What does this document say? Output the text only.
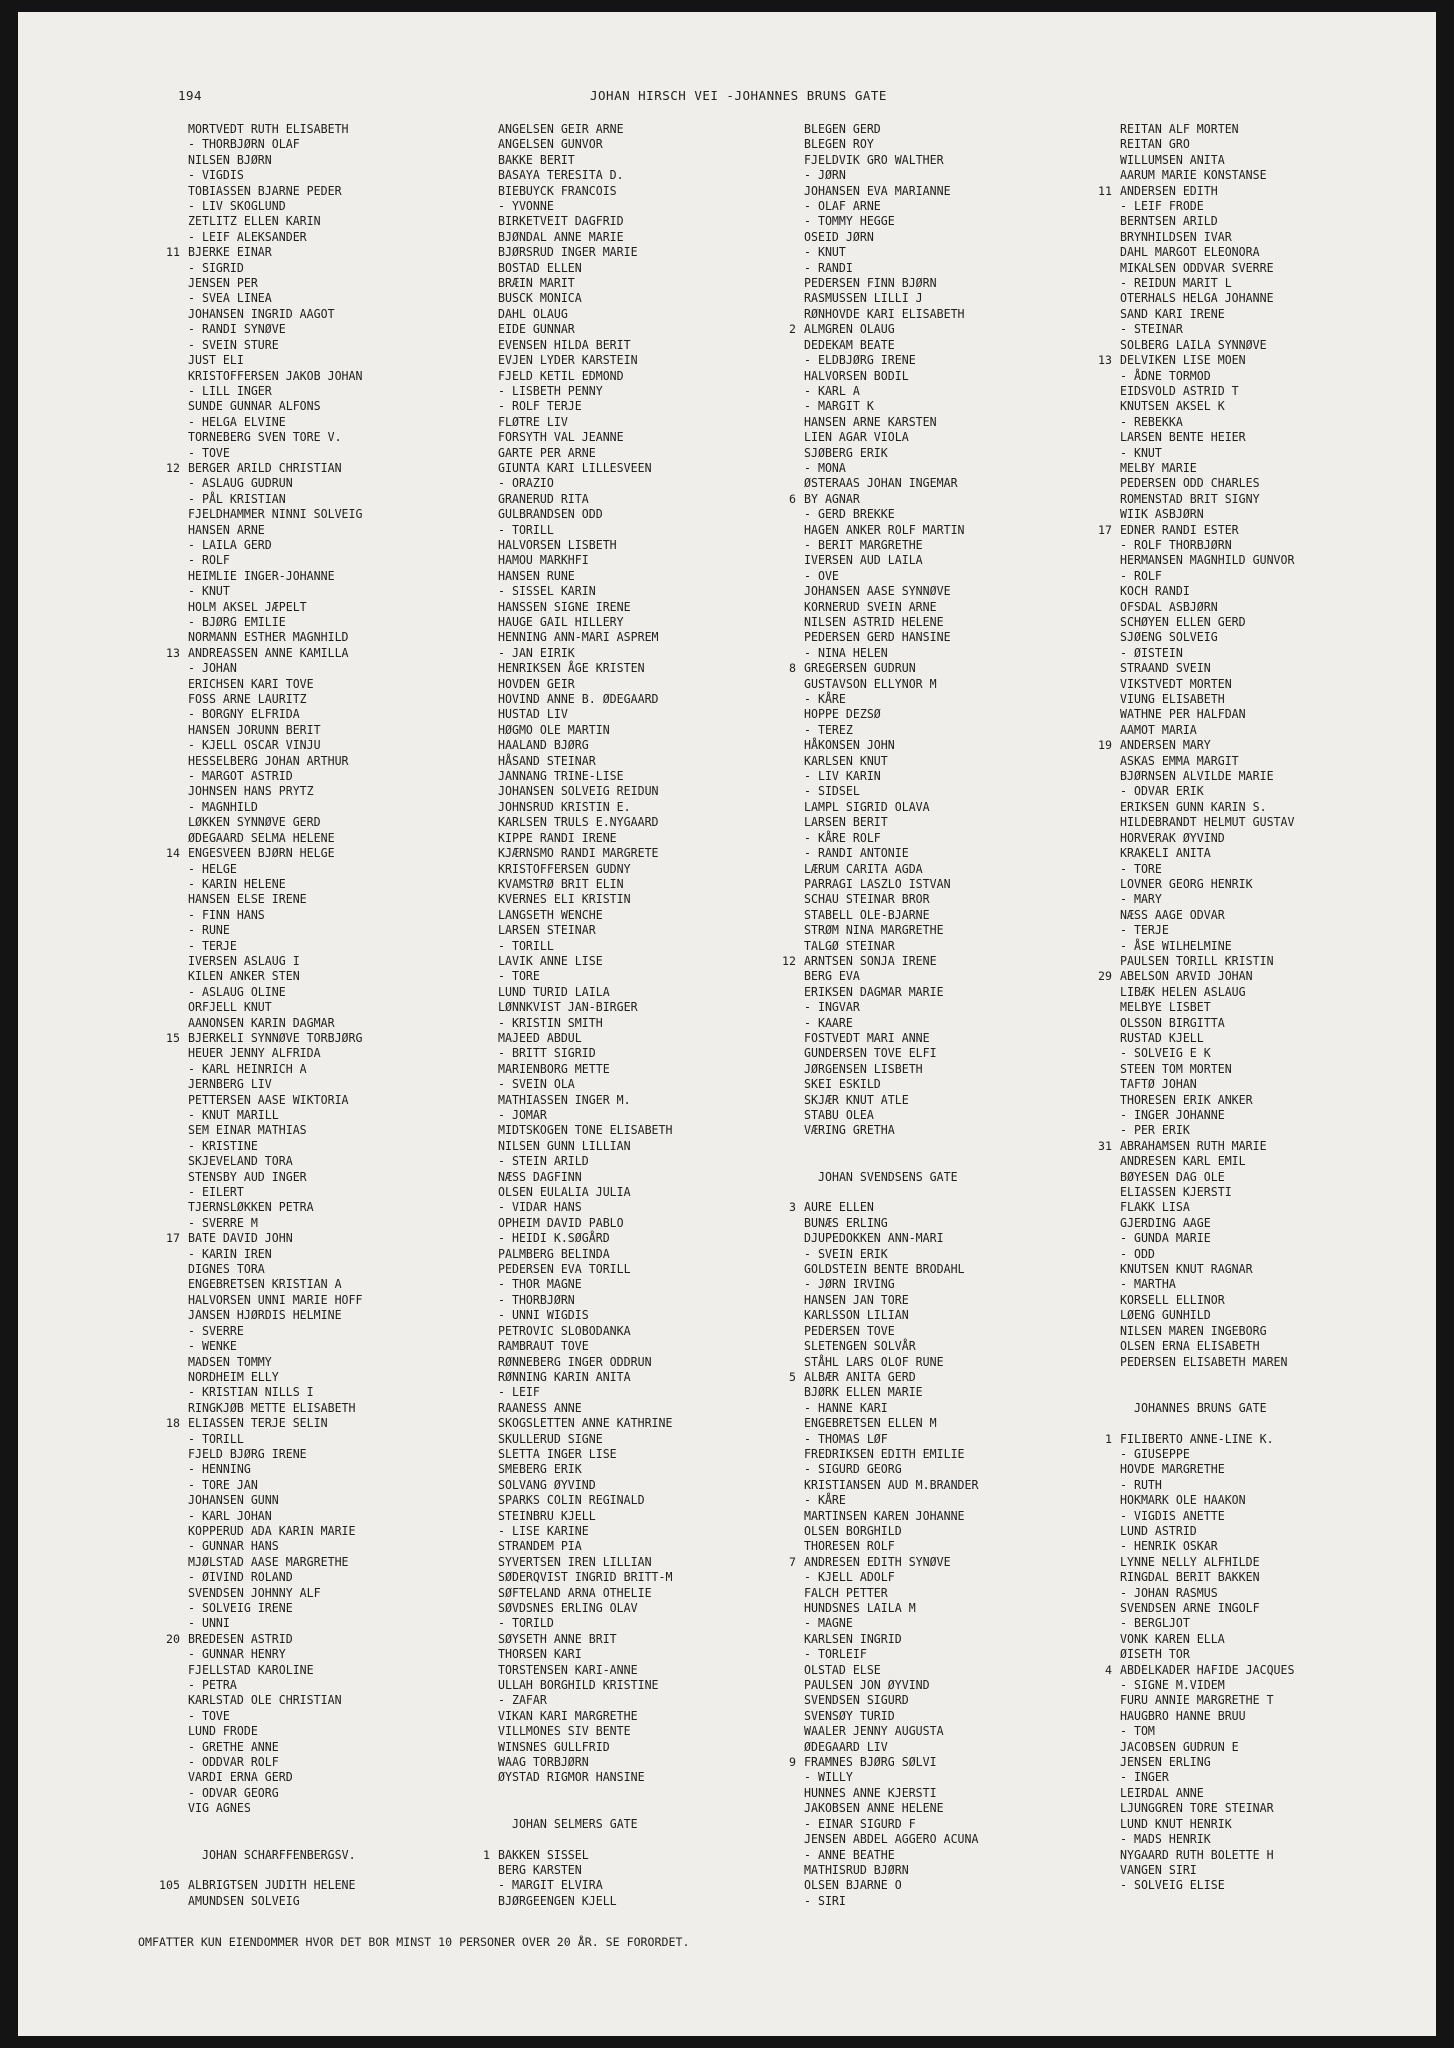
194	JOHAN HIRSCH VEI -JOHANNES BRUNS GATE
MORTVEDT RUTH ELISABETH
- THORBJØRN OLAF
NILSEN BJØRN
- VIGDIS
TOBIASSEN BJARNE PEDER
- LIV SKOGLUND
ZETLITZ ELLEN KARIN
- LEIF ALEKSANDER
11 BJERKE EINAR
- SIGRID
JENSEN PER
- SVEA LINEA
JOHANSEN INGRID AAGOT
- RANDI SYNØVE
- SVEIN STURE
JUST ELI
KRISTOFFERSEN JAKOB JOHAN
- LILL INGER
SUNDE GUNNAR ALFONS
- HELGA ELVINE
TORNEBERG SVEN TORE V.
- TOVE
12 BERGER ARILD CHRISTIAN
- ASLAUG GUDRUN
- PÅL KRISTIAN
FJELDHAMMER NINNI SOLVEIG
HANSEN ARNE
- LAILA GERD
- ROLF
HEIMLIE INGER-JOHANNE
- KNUT
HOLM AKSEL JÆPELT
- BJØRG EMILIE
NORMANN ESTHER MAGNHILD
13 ANDREASSEN ANNE KAMILLA
- JOHAN
ERICHSEN KARI TOVE
FOSS ARNE LAURITZ
- BORGNY ELFRIDA
HANSEN JORUNN BERIT
- KJELL OSCAR VINJU
HESSELBERG JOHAN ARTHUR
- MARGOT ASTRID
JOHNSEN HANS PRYTZ
- MAGNHILD
LØKKEN SYNNØVE GERD
ØDEGAARD SELMA HELENE
14 ENGESVEEN BJØRN HELGE
- HELGE
- KARIN HELENE
HANSEN ELSE IRENE
- FINN HANS
- RUNE
- TERJE
IVERSEN ASLAUG I
KILEN ANKER STEN
- ASLAUG OLINE
ORFJELL KNUT
AANONSEN KARIN DAGMAR
15 BJERKELI SYNNØVE TORBJØRG
HEUER JENNY ALFRIDA
- KARL HEINRICH A
JERNBERG LIV
PETTERSEN AASE WIKTORIA
- KNUT MARILL
SEM EINAR MATHIAS
- KRISTINE
SKJEVELAND TORA
STENSBY AUD INGER
- EILERT
TJERNSLØKKEN PETRA
- SVERRE M
17 BATE DAVID JOHN
- KARIN IREN
DIGNES TORA
ENGEBRETSEN KRISTIAN A
HALVORSEN UNNI MARIE HOFF
JANSEN HJØRDIS HELMINE
- SVERRE
- WENKE
MADSEN TOMMY
NORDHEIM ELLY
- KRISTIAN NILLS I
RINGKJØB METTE ELISABETH
18 ELIASSEN TERJE SELIN
- TORILL
FJELD BJØRG IRENE
- HENNING
- TORE JAN
JOHANSEN GUNN
- KARL JOHAN
KOPPERUD ADA KARIN MARIE
- GUNNAR HANS
MJØLSTAD AASE MARGRETHE
- ØIVIND ROLAND
SVENDSEN JOHNNY ALF
- SOLVEIG IRENE
- UNNI
20 BREDESEN ASTRID
- GUNNAR HENRY
FJELLSTAD KAROLINE
- PETRA
KARLSTAD OLE CHRISTIAN
- TOVE
LUND FRODE
- GRETHE ANNE
- ODDVAR ROLF
VARDI ERNA GERD
- ODVAR GEORG
VIG AGNES
JOHAN SCHARFFENBERGSV.
105 ALBRIGTSEN JUDITH HELENE
AMUNDSEN SOLVEIG
ANGELSEN GEIR ARNE
ANGELSEN GUNVOR
BAKKE BERIT
BASAYA TERESITA D.
BIEBUYCK FRANCOIS
- YVONNE
BIRKETVEIT DAGFRID
BJØNDAL ANNE MARIE
BJØRSRUD INGER MARIE
BOSTAD ELLEN
BRÆIN MARIT
BUSCK MONICA
DAHL OLAUG
EIDE GUNNAR
EVENSEN HILDA BERIT
EVJEN LYDER KARSTEIN
FJELD KETIL EDMOND
- LISBETH PENNY
- ROLF TERJE
FLØTRE LIV
FORSYTH VAL JEANNE
GARTE PER ARNE
GIUNTA KARI LILLESVEEN
- ORAZIO
GRANERUD RITA
GULBRANDSEN ODD
- TORILL
HALVORSEN LISBETH
HAMOU MARKHFI
HANSEN RUNE
- SISSEL KARIN
HANSSEN SIGNE IRENE
HAUGE GAIL HILLERY
HENNING ANN-MARI ASPREM
- JAN EIRIK
HENRIKSEN ÅGE KRISTEN
HOVDEN GEIR
HOVIND ANNE B. ØDEGAARD
HUSTAD LIV
HØGMO OLE MARTIN
HAALAND BJØRG
HÅSAND STEINAR
JANNANG TRINE-LISE
JOHANSEN SOLVEIG REIDUN
JOHNSRUD KRISTIN E.
KARLSEN TRULS E.NYGAARD
KIPPE RANDI IRENE
KJÆRNSMO RANDI MARGRETE
KRISTOFFERSEN GUDNY
KVAMSTRØ BRIT ELIN
KVERNES ELI KRISTIN
LANGSETH WENCHE
LARSEN STEINAR
- TORILL
LAVIK ANNE LISE
- TORE
LUND TURID LAILA
LØNNKVIST JAN-BIRGER
- KRISTIN SMITH
MAJEED ABDUL
- BRITT SIGRID
MARIENBORG METTE
- SVEIN OLA
MATHIASSEN INGER M.
- JOMAR
MIDTSKOGEN TONE ELISABETH
NILSEN GUNN LILLIAN
- STEIN ARILD
NÆSS DAGFINN
OLSEN EULALIA JULIA
- VIDAR HANS
OPHEIM DAVID PABLO
- HEIDI K.SØGÅRD
PALMBERG BELINDA
PEDERSEN EVA TORILL
- THOR MAGNE
- THORBJØRN
- UNNI WIGDIS
PETROVIC SLOBODANKA
RAMBRAUT TOVE
RØNNEBERG INGER ODDRUN
RØNNING KARIN ANITA
- LEIF
RAANESS ANNE
SKOGSLETTEN ANNE KATHRINE
SKULLERUD SIGNE
SLETTA INGER LISE
SMEBERG ERIK
SOLVANG ØYVIND
SPARKS COLIN REGINALD
STEINBRU KJELL
- LISE KARINE
STRANDEM PIA
SYVERTSEN IREN LILLIAN
SØDERQVIST INGRID BRITT-M
SØFTELAND ARNA OTHELIE
SØVDSNES ERLING OLAV
- TORILD
SØYSETH ANNE BRIT
THORSEN KARI
TORSTENSEN KARI-ANNE
ULLAH BORGHILD KRISTINE
- ZAFAR
VIKAN KARI MARGRETHE
VILLMONES SIV BENTE
WINSNES GULLFRID
WAAG TORBJØRN
ØYSTAD RIGMOR HANSINE
JOHAN SELMERS GATE
1 BAKKEN SISSEL
BERG KARSTEN
- MARGIT ELVIRA
BJØRGEENGEN KJELL
BLEGEN GERD
BLEGEN ROY
FJELDVIK GRO WALTHER
- JØRN
JOHANSEN EVA MARIANNE
- OLAF ARNE
- TOMMY HEGGE
OSEID JØRN
- KNUT
- RANDI
PEDERSEN FINN BJØRN
RASMUSSEN LILLI J
RØNHOVDE KARI ELISABETH
2 ALMGREN OLAUG
DEDEKAM BEATE
- ELDBJØRG IRENE
HALVORSEN BODIL
- KARL A
- MARGIT K
HANSEN ARNE KARSTEN
LIEN AGAR VIOLA
SJØBERG ERIK
- MONA
ØSTERAAS JOHAN INGEMAR
6 BY AGNAR
- GERD BREKKE
HAGEN ANKER ROLF MARTIN
- BERIT MARGRETHE
IVERSEN AUD LAILA
- OVE
JOHANSEN AASE SYNNØVE
KORNERUD SVEIN ARNE
NILSEN ASTRID HELENE
PEDERSEN GERD HANSINE
- NINA HELEN
8 GREGERSEN GUDRUN
GUSTAVSON ELLYNOR M
- KÅRE
HOPPE DEZSØ
- TEREZ
HÅKONSEN JOHN
KARLSEN KNUT
- LIV KARIN
- SIDSEL
LAMPL SIGRID OLAVA
LARSEN BERIT
- KÅRE ROLF
- RANDI ANTONIE
LÆRUM CARITA AGDA
PARRAGI LASZLO ISTVAN
SCHAU STEINAR BROR
STABELL OLE-BJARNE
STRØM NINA MARGRETHE
TALGØ STEINAR
12 ARNTSEN SONJA IRENE
BERG EVA
ERIKSEN DAGMAR MARIE
- INGVAR
- KAARE
FOSTVEDT MARI ANNE
GUNDERSEN TOVE ELFI
JØRGENSEN LISBETH
SKEI ESKILD
SKJÆR KNUT ATLE
STABU OLEA
VÆRING GRETHA
JOHAN SVENDSENS GATE
3 AURE ELLEN
BUNÆS ERLING
DJUPEDOKKEN ANN-MARI
- SVEIN ERIK
GOLDSTEIN BENTE BRODAHL
- JØRN IRVING
HANSEN JAN TORE
KARLSSON LILIAN
PEDERSEN TOVE
SLETENGEN SOLVÅR
STÅHL LARS OLOF RUNE
5 ALBÆR ANITA GERD
BJØRK ELLEN MARIE
- HANNE KARI
ENGEBRETSEN ELLEN M
- THOMAS LØF
FREDRIKSEN EDITH EMILIE
- SIGURD GEORG
KRISTIANSEN AUD M.BRANDER
- KÅRE
MARTINSEN KAREN JOHANNE
OLSEN BORGHILD
THORESEN ROLF
7 ANDRESEN EDITH SYNØVE
- KJELL ADOLF
FALCH PETTER
HUNDSNES LAILA M
- MAGNE
KARLSEN INGRID
- TORLEIF
OLSTAD ELSE
PAULSEN JON ØYVIND
SVENDSEN SIGURD
SVENSØY TURID
WAALER JENNY AUGUSTA
ØDEGAARD LIV
9 FRAMNES BJØRG SØLVI
- WILLY
HUNNES ANNE KJERSTI
JAKOBSEN ANNE HELENE
- EINAR SIGURD F
JENSEN ABDEL AGGERO ACUNA
- ANNE BEATHE
MATHISRUD BJØRN
OLSEN BJARNE O
- SIRI
REITAN ALF MORTEN
REITAN GRO
WILLUMSEN ANITA
AARUM MARIE KONSTANSE
11 ANDERSEN EDITH
- LEIF FRODE
BERNTSEN ARILD
BRYNHILDSEN IVAR
DAHL MARGOT ELEONORA
MIKALSEN ODDVAR SVERRE
- REIDUN MARIT L
OTERHALS HELGA JOHANNE
SAND KARI IRENE
- STEINAR
SOLBERG LAILA SYNNØVE
13 DELVIKEN LISE MOEN
- ÅDNE TORMOD
EIDSVOLD ASTRID T
KNUTSEN AKSEL K
- REBEKKA
LARSEN BENTE HEIER
- KNUT
MELBY MARIE
PEDERSEN ODD CHARLES
ROMENSTAD BRIT SIGNY
WIIK ASBJØRN
17 EDNER RANDI ESTER
- ROLF THORBJØRN
HERMANSEN MAGNHILD GUNVOR
- ROLF
KOCH RANDI
OFSDAL ASBJØRN
SCHØYEN ELLEN GERD
SJØENG SOLVEIG
- ØISTEIN
STRAAND SVEIN
VIKSTVEDT MORTEN
VIUNG ELISABETH
WATHNE PER HALFDAN
AAMOT MARIA
19 ANDERSEN MARY
ASKAS EMMA MARGIT
BJØRNSEN ALVILDE MARIE
- ODVAR ERIK
ERIKSEN GUNN KARIN S.
HILDEBRANDT HELMUT GUSTAV
HORVERAK ØYVIND
KRAKELI ANITA
- TORE
LOVNER GEORG HENRIK
- MARY
NÆSS AAGE ODVAR
- TERJE
- ÅSE WILHELMINE
PAULSEN TORILL KRISTIN
29 ABELSON ARVID JOHAN
LIBÆK HELEN ASLAUG
MELBYE LISBET
OLSSON BIRGITTA
RUSTAD KJELL
- SOLVEIG E K
STEEN TOM MORTEN
TAFTØ JOHAN
THORESEN ERIK ANKER
- INGER JOHANNE
- PER ERIK
31 ABRAHAMSEN RUTH MARIE
ANDRESEN KARL EMIL
BØYESEN DAG OLE
ELIASSEN KJERSTI
FLAKK LISA
GJERDING AAGE
- GUNDA MARIE
- ODD
KNUTSEN KNUT RAGNAR
- MARTHA
KORSELL ELLINOR
LØENG GUNHILD
NILSEN MAREN INGEBORG
OLSEN ERNA ELISABETH
PEDERSEN ELISABETH MAREN
JOHANNES BRUNS GATE
1 FILIBERTO ANNE-LINE K.
- GIUSEPPE
HOVDE MARGRETHE
- RUTH
HOKMARK OLE HAAKON
- VIGDIS ANETTE
LUND ASTRID
- HENRIK OSKAR
LYNNE NELLY ALFHILDE
RINGDAL BERIT BAKKEN
- JOHAN RASMUS
SVENDSEN ARNE INGOLF
- BERGLJOT
VONK KAREN ELLA
ØISETH TOR
4 ABDELKADER HAFIDE JACQUES
- SIGNE M.VIDEM
FURU ANNIE MARGRETHE T
HAUGBRO HANNE BRUU
- TOM
JACOBSEN GUDRUN E
JENSEN ERLING
- INGER
LEIRDAL ANNE
LJUNGGREN TORE STEINAR
LUND KNUT HENRIK
- MADS HENRIK
NYGAARD RUTH BOLETTE H
VANGEN SIRI
- SOLVEIG ELISE
OMFATTER KUN EIENDOMMER HVOR DET BOR MINST 10 PERSONER OVER 20 ÅR. SE FORORDET.
